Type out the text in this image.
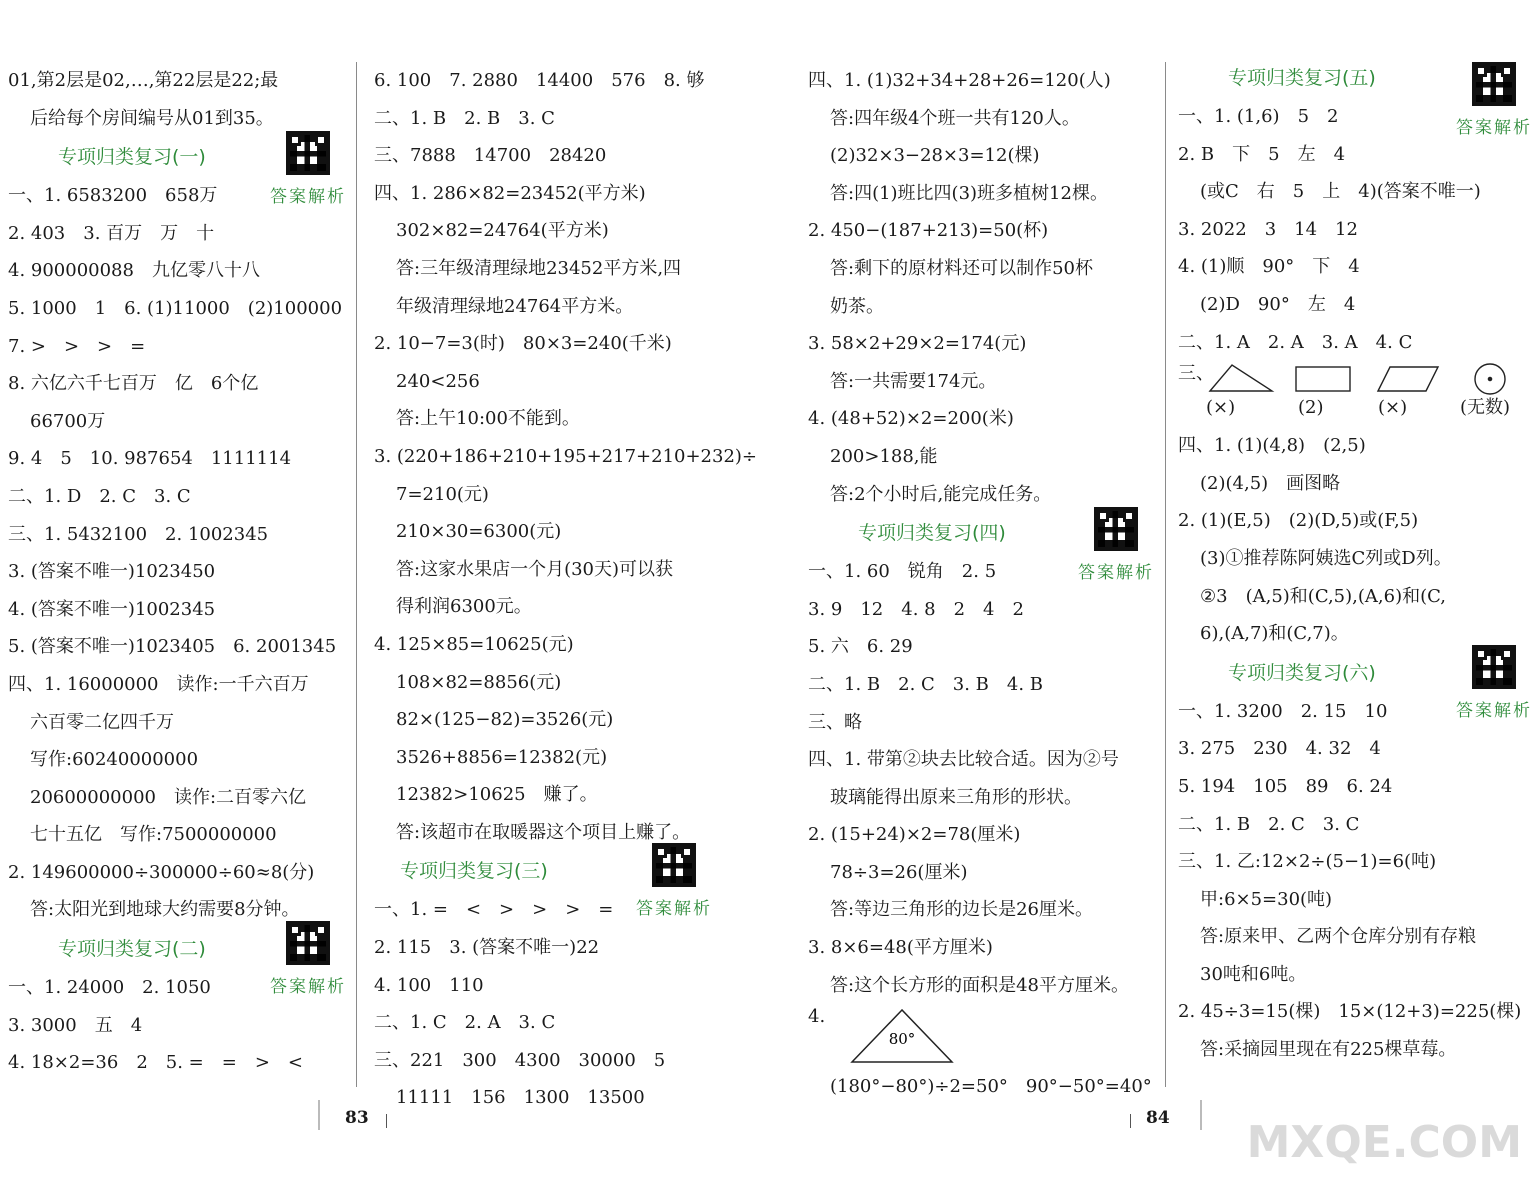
01,第2层是02,…,第22层是22;最
后给每个房间编号从01到35。
专项归类复习(一)
答案解析
一、1. 6583200　658万
2. 403　3. 百万　万　十
4. 900000088　九亿零八十八
5. 1000　1　6. (1)11000　(2)100000
7. >　>　>　=
8. 六亿六千七百万　亿　6个亿
66700万
9. 4　5　10. 987654　1111114
二、1. D　2. C　3. C
三、1. 5432100　2. 1002345
3. (答案不唯一)1023450
4. (答案不唯一)1002345
5. (答案不唯一)1023405　6. 2001345
四、1. 16000000　读作:一千六百万
六百零二亿四千万
写作:60240000000
20600000000　读作:二百零六亿
七十五亿　写作:7500000000
2. 149600000÷300000÷60≈8(分)
答:太阳光到地球大约需要8分钟。
专项归类复习(二)
答案解析
一、1. 24000　2. 1050
3. 3000　五　4
4. 18×2=36　2　5. =　=　>　<
6. 100　7. 2880　14400　576　8. 够
二、1. B　2. B　3. C
三、7888　14700　28420
四、1. 286×82=23452(平方米)
302×82=24764(平方米)
答:三年级清理绿地23452平方米,四
年级清理绿地24764平方米。
2. 10−7=3(时)　80×3=240(千米)
240<256
答:上午10:00不能到。
3. (220+186+210+195+217+210+232)÷
7=210(元)
210×30=6300(元)
答:这家水果店一个月(30天)可以获
得利润6300元。
4. 125×85=10625(元)
108×82=8856(元)
82×(125−82)=3526(元)
3526+8856=12382(元)
12382>10625　赚了。
答:该超市在取暖器这个项目上赚了。
专项归类复习(三)
答案解析
一、1. =　<　>　>　>　=
2. 115　3. (答案不唯一)22
4. 100　110
二、1. C　2. A　3. C
三、221　300　4300　30000　5
11111　156　1300　13500
83
四、1. (1)32+34+28+26=120(人)
答:四年级4个班一共有120人。
(2)32×3−28×3=12(棵)
答:四(1)班比四(3)班多植树12棵。
2. 450−(187+213)=50(杯)
答:剩下的原材料还可以制作50杯
奶茶。
3. 58×2+29×2=174(元)
答:一共需要174元。
4. (48+52)×2=200(米)
200>188,能
答:2个小时后,能完成任务。
专项归类复习(四)
答案解析
一、1. 60　锐角　2. 5
3. 9　12　4. 8　2　4　2
5. 六　6. 29
二、1. B　2. C　3. B　4. B
三、略
四、1. 带第②块去比较合适。因为②号
玻璃能得出原来三角形的形状。
2. (15+24)×2=78(厘米)
78÷3=26(厘米)
答:等边三角形的边长是26厘米。
3. 8×6=48(平方厘米)
答:这个长方形的面积是48平方厘米。
4.
80°
(180°−80°)÷2=50°　90°−50°=40°
专项归类复习(五)
答案解析
一、1. (1,6)　5　2
2. B　下　5　左　4
(或C　右　5　上　4)(答案不唯一)
3. 2022　3　14　12
4. (1)顺　90°　下　4
(2)D　90°　左　4
二、1. A　2. A　3. A　4. C
三、
(×)	(2)	(×)	(无数)
四、1. (1)(4,8)　(2,5)
(2)(4,5)　画图略
2. (1)(E,5)　(2)(D,5)或(F,5)
(3)①推荐陈阿姨选C列或D列。
②3　(A,5)和(C,5),(A,6)和(C,
6),(A,7)和(C,7)。
专项归类复习(六)
答案解析
一、1. 3200　2. 15　10
3. 275　230　4. 32　4
5. 194　105　89　6. 24
二、1. B　2. C　3. C
三、1. 乙:12×2÷(5−1)=6(吨)
甲:6×5=30(吨)
答:原来甲、乙两个仓库分别有存粮
30吨和6吨。
2. 45÷3=15(棵)　15×(12+3)=225(棵)
答:采摘园里现在有225棵草莓。
84 MXQE.COM
